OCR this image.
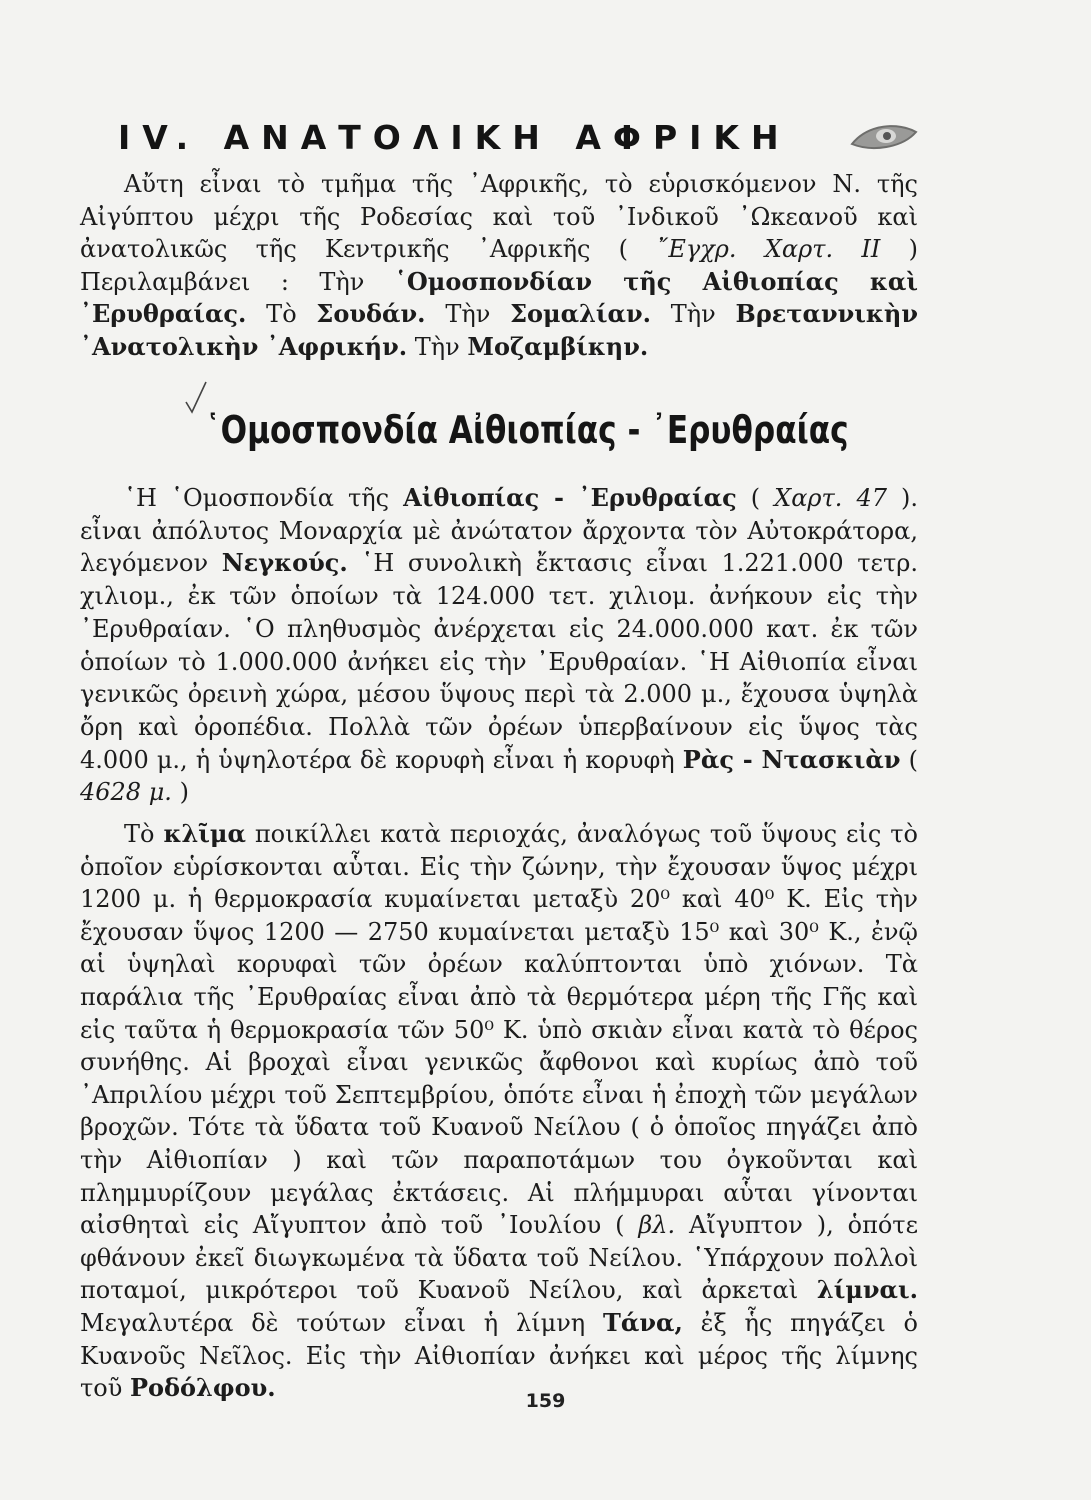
IV. ΑΝΑΤΟΛΙΚΗ ΑΦΡΙΚΗ

Αὔτη εἶναι τὸ τμῆμα τῆς ᾿Αφρικῆς, τὸ εὑρισκόμενον Ν. τῆς Αἰγύπτου μέχρι τῆς Ροδεσίας καὶ τοῦ ᾿Ινδικοῦ ᾿Ωκεανοῦ καὶ ἀνατολικῶς τῆς Κεντρικῆς ᾿Αφρικῆς ( ῎Εγχρ. Χαρτ. ΙΙ ) Περιλαμβάνει : Τὴν ῾Ομοσπονδίαν τῆς Αἰθιοπίας καὶ ᾿Ερυθραίας. Τὸ Σουδάν. Τὴν Σομαλίαν. Τὴν Βρεταννικὴν ᾿Ανατολικὴν ᾿Αφρικήν. Τὴν Μοζαμβίκην.

῾Ομοσπονδία Αἰθιοπίας - ᾿Ερυθραίας

῾Η ῾Ομοσπονδία τῆς Αἰθιοπίας - ᾿Ερυθραίας ( Χαρτ. 47 ). εἶναι ἀπόλυτος Μοναρχία μὲ ἀνώτατον ἄρχοντα τὸν Αὐτοκράτορα, λεγόμενον Νεγκούς. ῾Η συνολικὴ ἔκτασις εἶναι 1.221.000 τετρ. χιλιομ., ἐκ τῶν ὁποίων τὰ 124.000 τετ. χιλιομ. ἀνήκουν εἰς τὴν ᾿Ερυθραίαν. ῾Ο πληθυσμὸς ἀνέρχεται εἰς 24.000.000 κατ. ἐκ τῶν ὁποίων τὸ 1.000.000 ἀνήκει εἰς τὴν ᾿Ερυθραίαν. ῾Η Αἰθιοπία εἶναι γενικῶς ὀρεινὴ χώρα, μέσου ὕψους περὶ τὰ 2.000 μ., ἔχουσα ὑψηλὰ ὄρη καὶ ὀροπέδια. Πολλὰ τῶν ὀρέων ὑπερβαίνουν εἰς ὕψος τὰς 4.000 μ., ἡ ὑψηλοτέρα δὲ κορυφὴ εἶναι ἡ κορυφὴ Ρὰς - Ντασκιὰν ( 4628 μ. )

Τὸ κλῖμα ποικίλλει κατὰ περιοχάς, ἀναλόγως τοῦ ὕψους εἰς τὸ ὁποῖον εὑρίσκονται αὗται. Εἰς τὴν ζώνην, τὴν ἔχουσαν ὕψος μέχρι 1200 μ. ἡ θερμοκρασία κυμαίνεται μεταξὺ 20⁰ καὶ 40⁰ Κ. Εἰς τὴν ἔχουσαν ὕψος 1200 — 2750 κυμαίνεται μεταξὺ 15⁰ καὶ 30⁰ Κ., ἐνῷ αἱ ὑψηλαὶ κορυφαὶ τῶν ὀρέων καλύπτονται ὑπὸ χιόνων. Τὰ παράλια τῆς ᾿Ερυθραίας εἶναι ἀπὸ τὰ θερμότερα μέρη τῆς Γῆς καὶ εἰς ταῦτα ἡ θερμοκρασία τῶν 50⁰ Κ. ὑπὸ σκιὰν εἶναι κατὰ τὸ θέρος συνήθης. Αἱ βροχαὶ εἶναι γενικῶς ἄφθονοι καὶ κυρίως ἀπὸ τοῦ ᾿Απριλίου μέχρι τοῦ Σεπτεμβρίου, ὁπότε εἶναι ἡ ἐποχὴ τῶν μεγάλων βροχῶν. Τότε τὰ ὕδατα τοῦ Κυανοῦ Νείλου ( ὁ ὁποῖος πηγάζει ἀπὸ τὴν Αἰθιοπίαν ) καὶ τῶν παραποτάμων του ὀγκοῦνται καὶ πλημμυρίζουν μεγάλας ἐκτάσεις. Αἱ πλήμμυραι αὗται γίνονται αἰσθηταὶ εἰς Αἴγυπτον ἀπὸ τοῦ ᾿Ιουλίου ( βλ. Αἴγυπτον ), ὁπότε φθάνουν ἐκεῖ διωγκωμένα τὰ ὕδατα τοῦ Νείλου. ῾Υπάρχουν πολλοὶ ποταμοί, μικρότεροι τοῦ Κυανοῦ Νείλου, καὶ ἀρκεταὶ λίμναι. Μεγαλυτέρα δὲ τούτων εἶναι ἡ λίμνη Τάνα, ἐξ ἧς πηγάζει ὁ Κυανοῦς Νεῖλος. Εἰς τὴν Αἰθιοπίαν ἀνήκει καὶ μέρος τῆς λίμνης τοῦ Ροδόλφου.	159
